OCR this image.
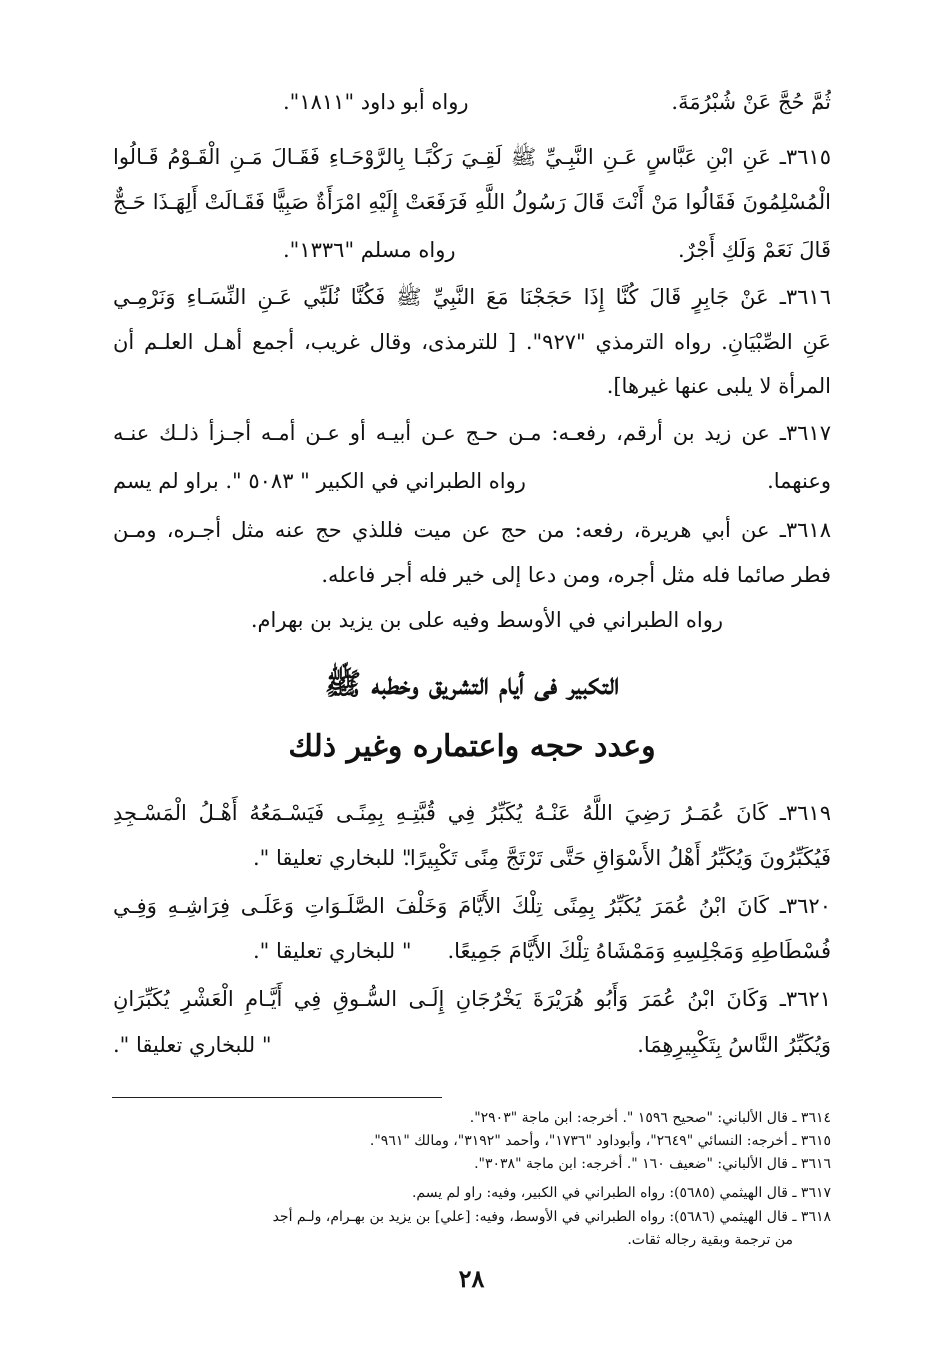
ثُمَّ حُجَّ عَنْ شُبْرُمَةَ.
رواه أبو داود "١٨١١".
٣٦١٥ـ عَنِ ابْنِ عَبَّاسٍ عَـنِ النَّبِـيِّ ﷺ لَقِـيَ رَكْبًـا بِالرَّوْحَـاءِ فَقَـالَ مَـنِ الْقَـوْمُ قَـالُوا
الْمُسْلِمُونَ فَقَالُوا مَنْ أَنْتَ قَالَ رَسُولُ اللَّهِ فَرَفَعَتْ إِلَيْهِ امْرَأَةٌ صَبِيًّا فَقَـالَتْ أَلِهَـذَا حَـجٌّ
قَالَ نَعَمْ وَلَكِ أَجْرٌ.
رواه مسلم "١٣٣٦".
٣٦١٦ـ عَنْ جَابِرٍ قَالَ كُنَّا إِذَا حَجَجْنَا مَعَ النَّبِيِّ ﷺ فَكُنَّا نُلَبِّي عَـنِ النِّسَـاءِ وَنَرْمِـي
عَنِ الصِّبْيَانِ. رواه الترمذي "٩٢٧". [ للترمذى، وقال غريب، أجمع أهـل العلـم أن
المرأة لا يلبى عنها غيرها].
٣٦١٧ـ عن زيد بن أرقم، رفعـه: مـن حـج عـن أبيـه أو عـن أمـه أجـزأ ذلـك عنـه
وعنهما.
رواه الطبراني في الكبير " ٥٠٨٣ ". براو لم يسم
٣٦١٨ـ عن أبي هريرة، رفعه: من حج عن ميت فللذي حج عنه مثل أجـره، ومـن
فطر صائما فله مثل أجره، ومن دعا إلى خير فله أجر فاعله.
رواه الطبراني في الأوسط وفيه على بن يزيد بن بهرام.
التكبير فى أيام التشريق وخطبه ﷺ
وعدد حجه واعتماره وغير ذلك
٣٦١٩ـ كَانَ عُمَـرُ رَضِيَ اللَّهُ عَنْـهُ يُكَبِّرُ فِي قُبَّتِـهِ بِمِنًـى فَيَسْـمَعُهُ أَهْـلُ الْمَسْـجِدِ
فَيُكَبِّرُونَ وَيُكَبِّرُ أَهْلُ الأَسْوَاقِ حَتَّى تَرْتَجَّ مِنًى تَكْبِيرًا.
" للبخاري تعليقا ".
٣٦٢٠ـ كَانَ ابْنُ عُمَرَ يُكَبِّرُ بِمِنًى تِلْكَ الأَيَّامَ وَخَلْفَ الصَّلَـوَاتِ وَعَلَـى فِرَاشِـهِ وَفِـي
فُسْطَاطِهِ وَمَجْلِسِهِ وَمَمْشَاهُ تِلْكَ الأَيَّامَ جَمِيعًا.
" للبخاري تعليقا ".
٣٦٢١ـ وَكَانَ ابْنُ عُمَرَ وَأَبُو هُرَيْرَةَ يَخْرُجَانِ إِلَـى السُّـوقِ فِي أَيَّـامِ الْعَشْرِ يُكَبِّرَانِ
وَيُكَبِّرُ النَّاسُ بِتَكْبِيرِهِمَا.
" للبخاري تعليقا ".
٣٦١٤ ـ قال الألباني: "صحيح ١٥٩٦ ". أخرجه: ابن ماجة "٢٩٠٣".
٣٦١٥ ـ أخرجه: النسائي "٢٦٤٩"، وأبوداود "١٧٣٦"، وأحمد "٣١٩٢"، ومالك "٩٦١".
٣٦١٦ ـ قال الألباني: "ضعيف ١٦٠ ". أخرجه: ابن ماجة "٣٠٣٨".
٣٦١٧ ـ قال الهيثمي (٥٦٨٥): رواه الطبراني في الكبير، وفيه: راو لم يسم.
٣٦١٨ ـ قال الهيثمي (٥٦٨٦): رواه الطبراني في الأوسط، وفيه: [علي] بن يزيد بن بهـرام، ولـم أجد
من ترجمة وبقية رجاله ثقات.
٢٨
